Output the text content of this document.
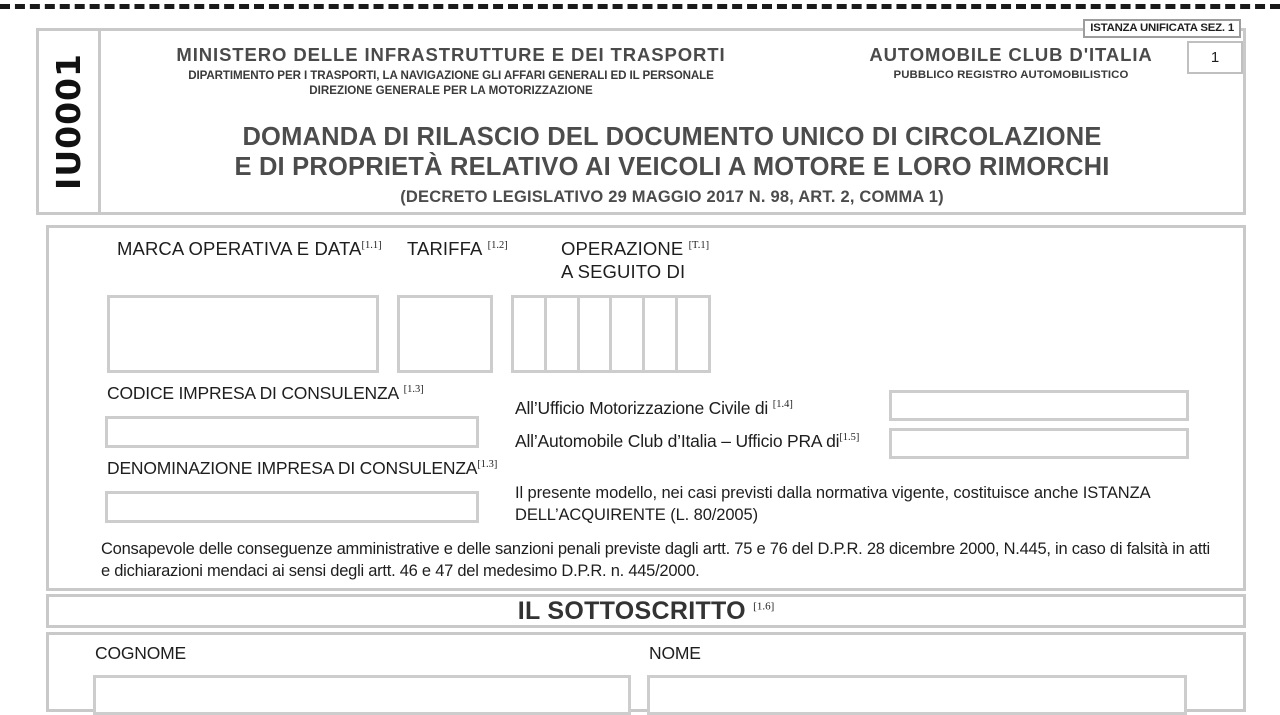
IU0001
ISTANZA UNIFICATA SEZ. 1
1
MINISTERO DELLE INFRASTRUTTURE E DEI TRASPORTI
DIPARTIMENTO PER I TRASPORTI, LA NAVIGAZIONE GLI AFFARI GENERALI ED IL PERSONALE
DIREZIONE GENERALE PER LA MOTORIZZAZIONE
AUTOMOBILE CLUB D'ITALIA
PUBBLICO REGISTRO AUTOMOBILISTICO
DOMANDA DI RILASCIO DEL DOCUMENTO UNICO DI CIRCOLAZIONE
E DI PROPRIETÀ RELATIVO AI VEICOLI A MOTORE E LORO RIMORCHI
(DECRETO LEGISLATIVO 29 MAGGIO 2017 N. 98, ART. 2, COMMA 1)
MARCA OPERATIVA E DATA[1.1] TARIFFA [1.2]	OPERAZIONE [T.1]
A SEGUITO DI
CODICE IMPRESA DI CONSULENZA [1.3]
DENOMINAZIONE IMPRESA DI CONSULENZA[1.3]
All’Ufficio Motorizzazione Civile di [1.4]
All’Automobile Club d’Italia – Ufficio PRA di[1.5]
Il presente modello, nei casi previsti dalla normativa vigente, costituisce anche ISTANZA DELL’ACQUIRENTE (L. 80/2005)
Consapevole delle conseguenze amministrative e delle sanzioni penali previste dagli artt. 75 e 76 del D.P.R. 28 dicembre 2000, N.445, in caso di falsità in atti e dichiarazioni mendaci ai sensi degli artt. 46 e 47 del medesimo D.P.R. n. 445/2000.
IL SOTTOSCRITTO [1.6]
COGNOME	NOME
